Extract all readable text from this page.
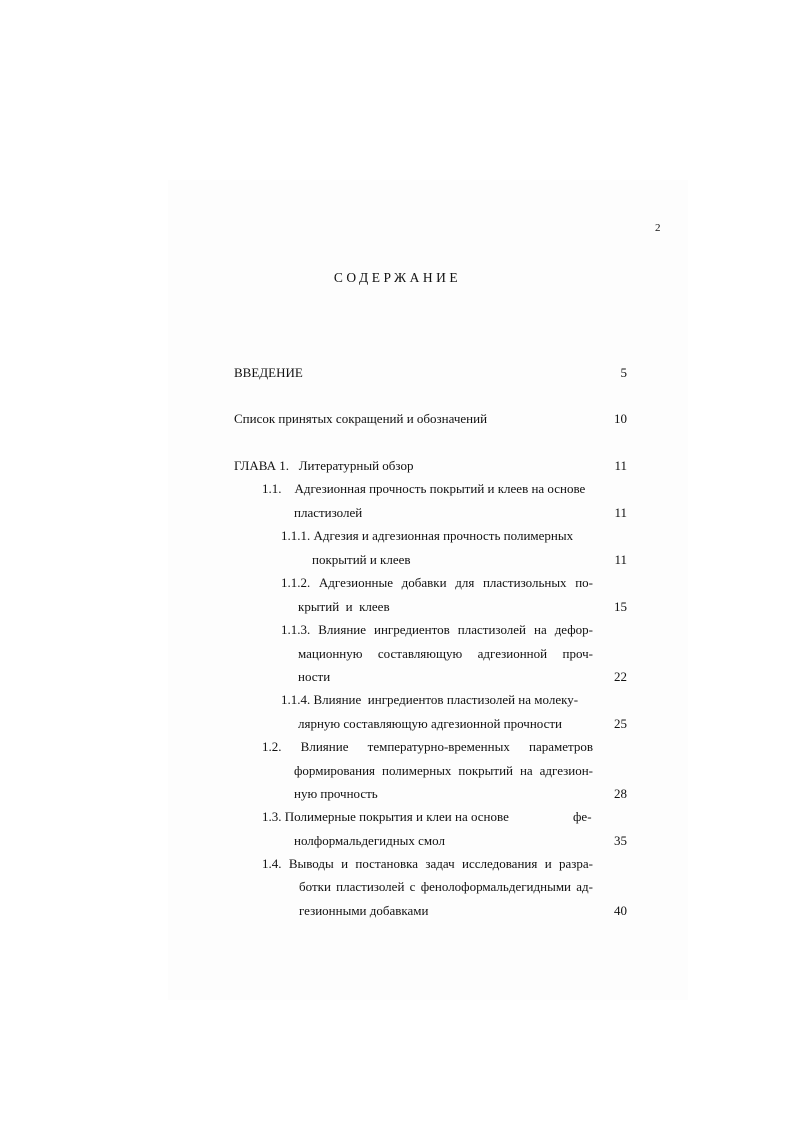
2
СОДЕРЖАНИЕ
ВВЕДЕНИЕ	5
Список принятых сокращений и обозначений	10
ГЛАВА 1.   Литературный обзор	11
1.1.    Адгезионная прочность покрытий и клеев на основе
пластизолей	11
1.1.1. Адгезия и адгезионная прочность полимерных
покрытий и клеев	11
1.1.2. Адгезионные добавки для пластизольных по-
крытий  и  клеев	15
1.1.3. Влияние ингредиентов пластизолей на дефор-
мационную составляющую адгезионной проч-
ности	22
1.1.4. Влияние  ингредиентов пластизолей на молеку-
лярную составляющую адгезионной прочности	25
1.2. Влияние температурно-временных параметров
формирования полимерных покрытий на адгезион-
ную прочность	28
1.3. Полимерные покрытия и клеи на основе	фе-
нолформальдегидных смол	35
1.4. Выводы и постановка задач исследования и разра-
ботки пластизолей с фенолоформальдегидными ад-
гезионными добавками	40
